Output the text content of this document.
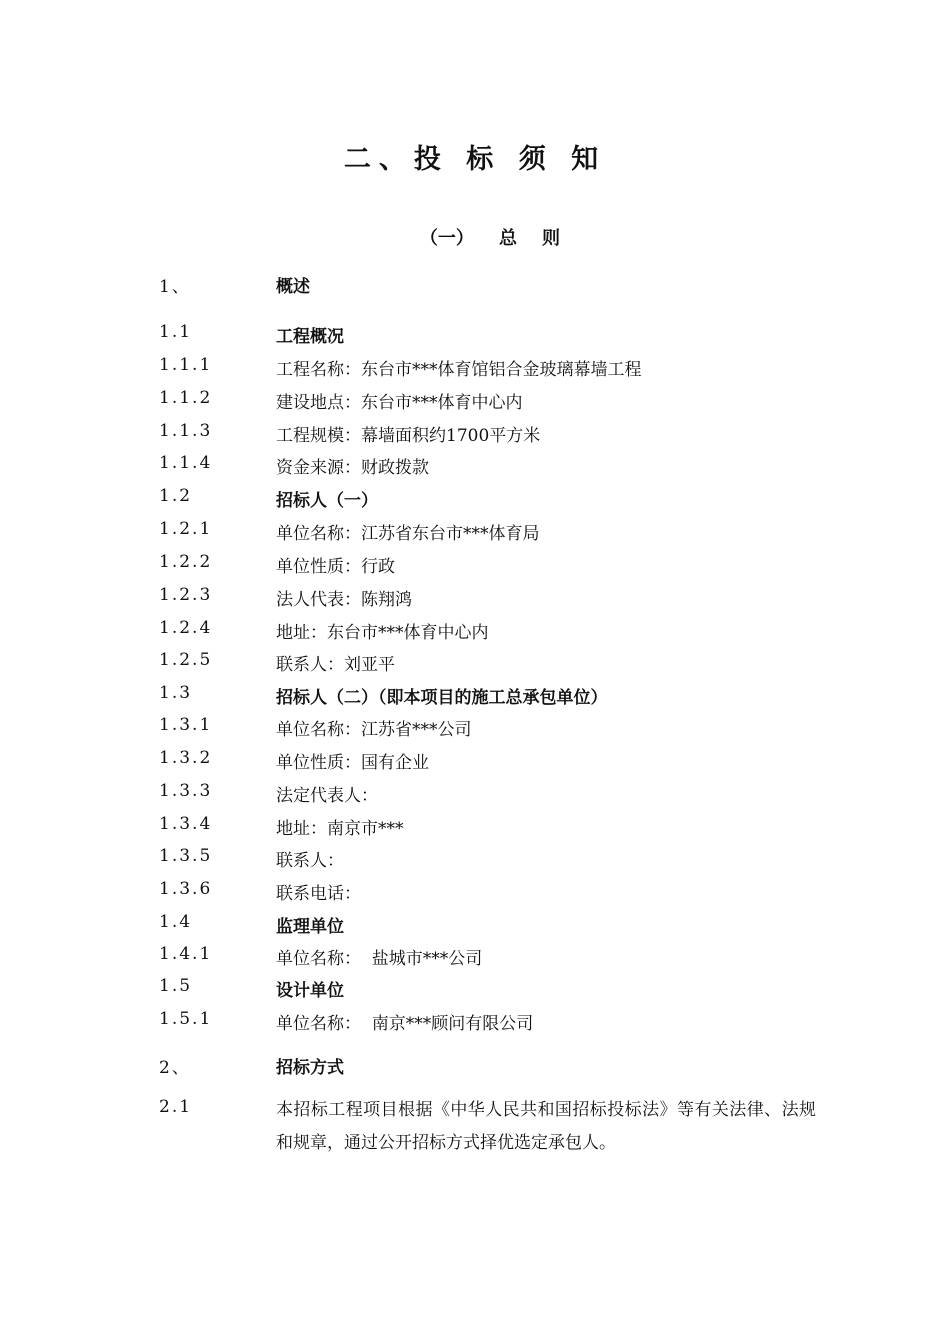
二、投 标 须 知
（一）    总    则
1、	概述
1.1	工程概况
1.1.1	工程名称：东台市***体育馆铝合金玻璃幕墙工程
1.1.2	建设地点：东台市***体育中心内
1.1.3	工程规模：幕墙面积约1700平方米
1.1.4	资金来源：财政拨款
1.2	招标人（一）
1.2.1	单位名称：江苏省东台市***体育局
1.2.2	单位性质：行政
1.2.3	法人代表：陈翔鸿
1.2.4	地址：东台市***体育中心内
1.2.5	联系人：刘亚平
1.3	招标人（二）（即本项目的施工总承包单位）
1.3.1	单位名称：江苏省***公司
1.3.2	单位性质：国有企业
1.3.3	法定代表人：
1.3.4	地址：南京市***
1.3.5	联系人：
1.3.6	联系电话：
1.4	监理单位
1.4.1	单位名称：  盐城市***公司
1.5	设计单位
1.5.1	单位名称：  南京***顾问有限公司
2、	招标方式
2.1	本招标工程项目根据《中华人民共和国招标投标法》等有关法律、法规和规章，通过公开招标方式择优选定承包人。
